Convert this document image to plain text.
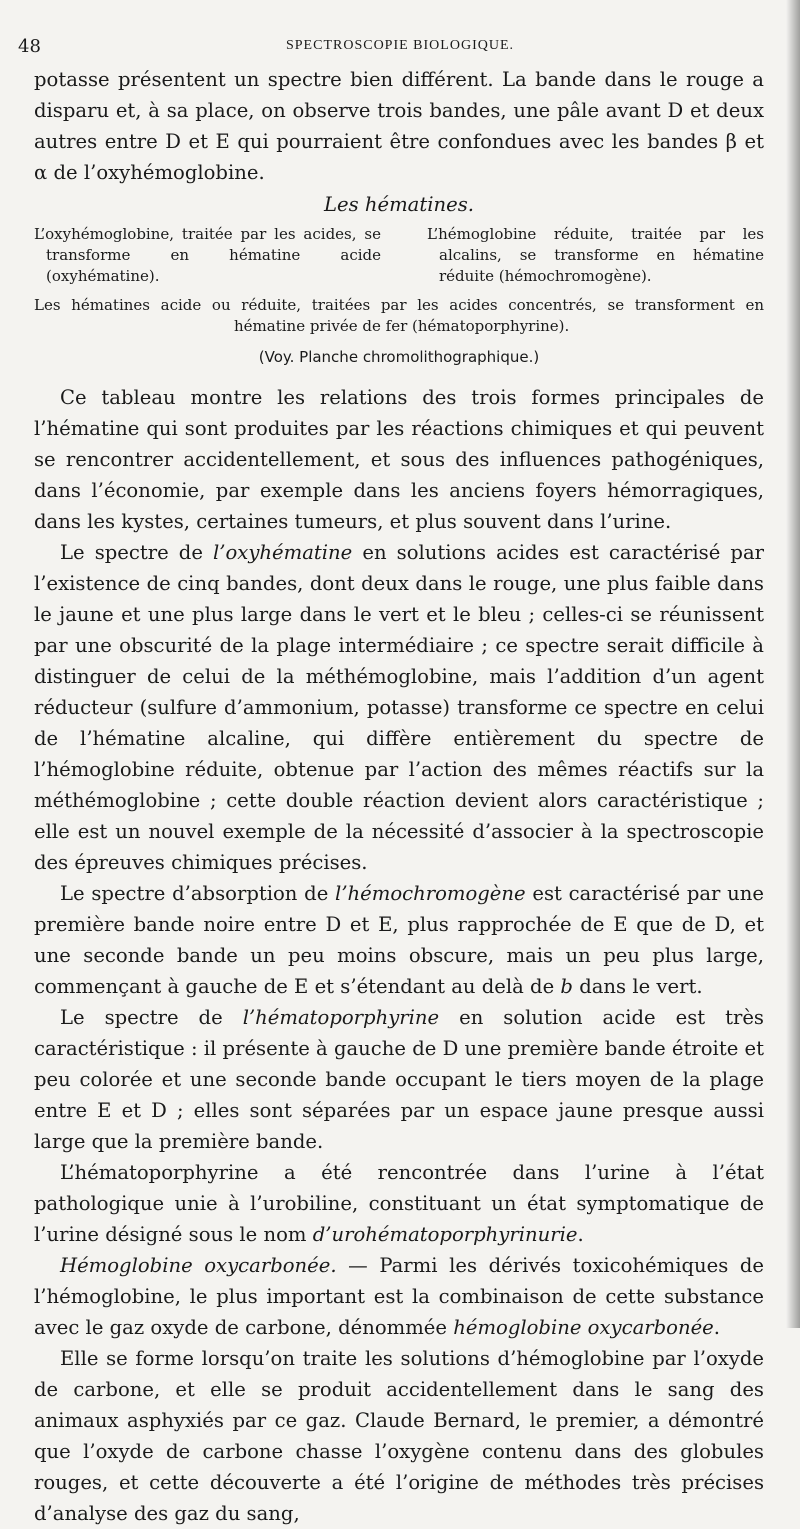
48	SPECTROSCOPIE BIOLOGIQUE.

potasse présentent un spectre bien différent. La bande dans le rouge a disparu et, à sa place, on observe trois bandes, une pâle avant D et deux autres entre D et E qui pourraient être confondues avec les bandes β et α de l’oxyhémoglobine.

Les hématines.

L’oxyhémoglobine, traitée par les acides, se transforme en hématine acide (oxyhématine).
L’hémoglobine réduite, traitée par les alcalins, se transforme en hématine réduite (hémochromogène).
Les hématines acide ou réduite, traitées par les acides concentrés, se transforment en hématine privée de fer (hématoporphyrine).
(Voy. Planche chromolithographique.)

Ce tableau montre les relations des trois formes principales de l’hématine qui sont produites par les réactions chimiques et qui peuvent se rencontrer accidentellement, et sous des influences pathogéniques, dans l’économie, par exemple dans les anciens foyers hémorragiques, dans les kystes, certaines tumeurs, et plus souvent dans l’urine.

Le spectre de l’oxyhématine en solutions acides est caractérisé par l’existence de cinq bandes, dont deux dans le rouge, une plus faible dans le jaune et une plus large dans le vert et le bleu ; celles-ci se réunissent par une obscurité de la plage intermédiaire ; ce spectre serait difficile à distinguer de celui de la méthémoglobine, mais l’addition d’un agent réducteur (sulfure d’ammonium, potasse) transforme ce spectre en celui de l’hématine alcaline, qui diffère entièrement du spectre de l’hémoglobine réduite, obtenue par l’action des mêmes réactifs sur la méthémoglobine ; cette double réaction devient alors caractéristique ; elle est un nouvel exemple de la nécessité d’associer à la spectroscopie des épreuves chimiques précises.

Le spectre d’absorption de l’hémochromogène est caractérisé par une première bande noire entre D et E, plus rapprochée de E que de D, et une seconde bande un peu moins obscure, mais un peu plus large, commençant à gauche de E et s’étendant au delà de b dans le vert.

Le spectre de l’hématoporphyrine en solution acide est très caractéristique : il présente à gauche de D une première bande étroite et peu colorée et une seconde bande occupant le tiers moyen de la plage entre E et D ; elles sont séparées par un espace jaune presque aussi large que la première bande.

L’hématoporphyrine a été rencontrée dans l’urine à l’état pathologique unie à l’urobiline, constituant un état symptomatique de l’urine désigné sous le nom d’urohématoporphyrinurie.

Hémoglobine oxycarbonée. — Parmi les dérivés toxicohémiques de l’hémoglobine, le plus important est la combinaison de cette substance avec le gaz oxyde de carbone, dénommée hémoglobine oxycarbonée.

Elle se forme lorsqu’on traite les solutions d’hémoglobine par l’oxyde de carbone, et elle se produit accidentellement dans le sang des animaux asphyxiés par ce gaz. Claude Bernard, le premier, a démontré que l’oxyde de carbone chasse l’oxygène contenu dans des globules rouges, et cette découverte a été l’origine de méthodes très précises d’analyse des gaz du sang,
